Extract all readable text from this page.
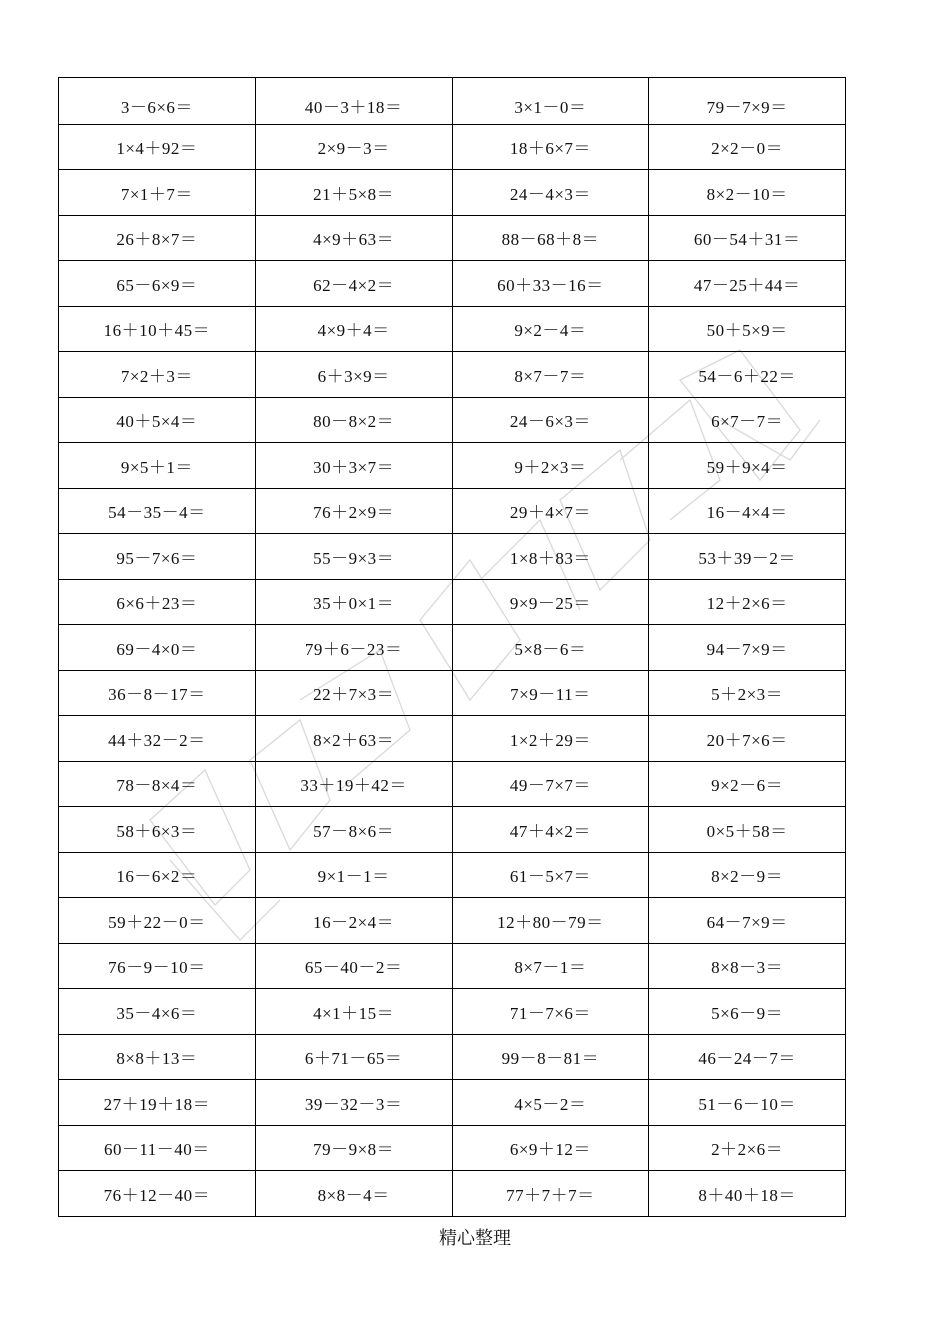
3－6×6＝	40－3＋18＝	3×1－0＝	79－7×9＝
1×4＋92＝	2×9－3＝	18＋6×7＝	2×2－0＝
7×1＋7＝	21＋5×8＝	24－4×3＝	8×2－10＝
26＋8×7＝	4×9＋63＝	88－68＋8＝	60－54＋31＝
65－6×9＝	62－4×2＝	60＋33－16＝	47－25＋44＝
16＋10＋45＝	4×9＋4＝	9×2－4＝	50＋5×9＝
7×2＋3＝	6＋3×9＝	8×7－7＝	54－6＋22＝
40＋5×4＝	80－8×2＝	24－6×3＝	6×7－7＝
9×5＋1＝	30＋3×7＝	9＋2×3＝	59＋9×4＝
54－35－4＝	76＋2×9＝	29＋4×7＝	16－4×4＝
95－7×6＝	55－9×3＝	1×8＋83＝	53＋39－2＝
6×6＋23＝	35＋0×1＝	9×9－25＝	12＋2×6＝
69－4×0＝	79＋6－23＝	5×8－6＝	94－7×9＝
36－8－17＝	22＋7×3＝	7×9－11＝	5＋2×3＝
44＋32－2＝	8×2＋63＝	1×2＋29＝	20＋7×6＝
78－8×4＝	33＋19＋42＝	49－7×7＝	9×2－6＝
58＋6×3＝	57－8×6＝	47＋4×2＝	0×5＋58＝
16－6×2＝	9×1－1＝	61－5×7＝	8×2－9＝
59＋22－0＝	16－2×4＝	12＋80－79＝	64－7×9＝
76－9－10＝	65－40－2＝	8×7－1＝	8×8－3＝
35－4×6＝	4×1＋15＝	71－7×6＝	5×6－9＝
8×8＋13＝	6＋71－65＝	99－8－81＝	46－24－7＝
27＋19＋18＝	39－32－3＝	4×5－2＝	51－6－10＝
60－11－40＝	79－9×8＝	6×9＋12＝	2＋2×6＝
76＋12－40＝	8×8－4＝	77＋7＋7＝	8＋40＋18＝
精心整理
